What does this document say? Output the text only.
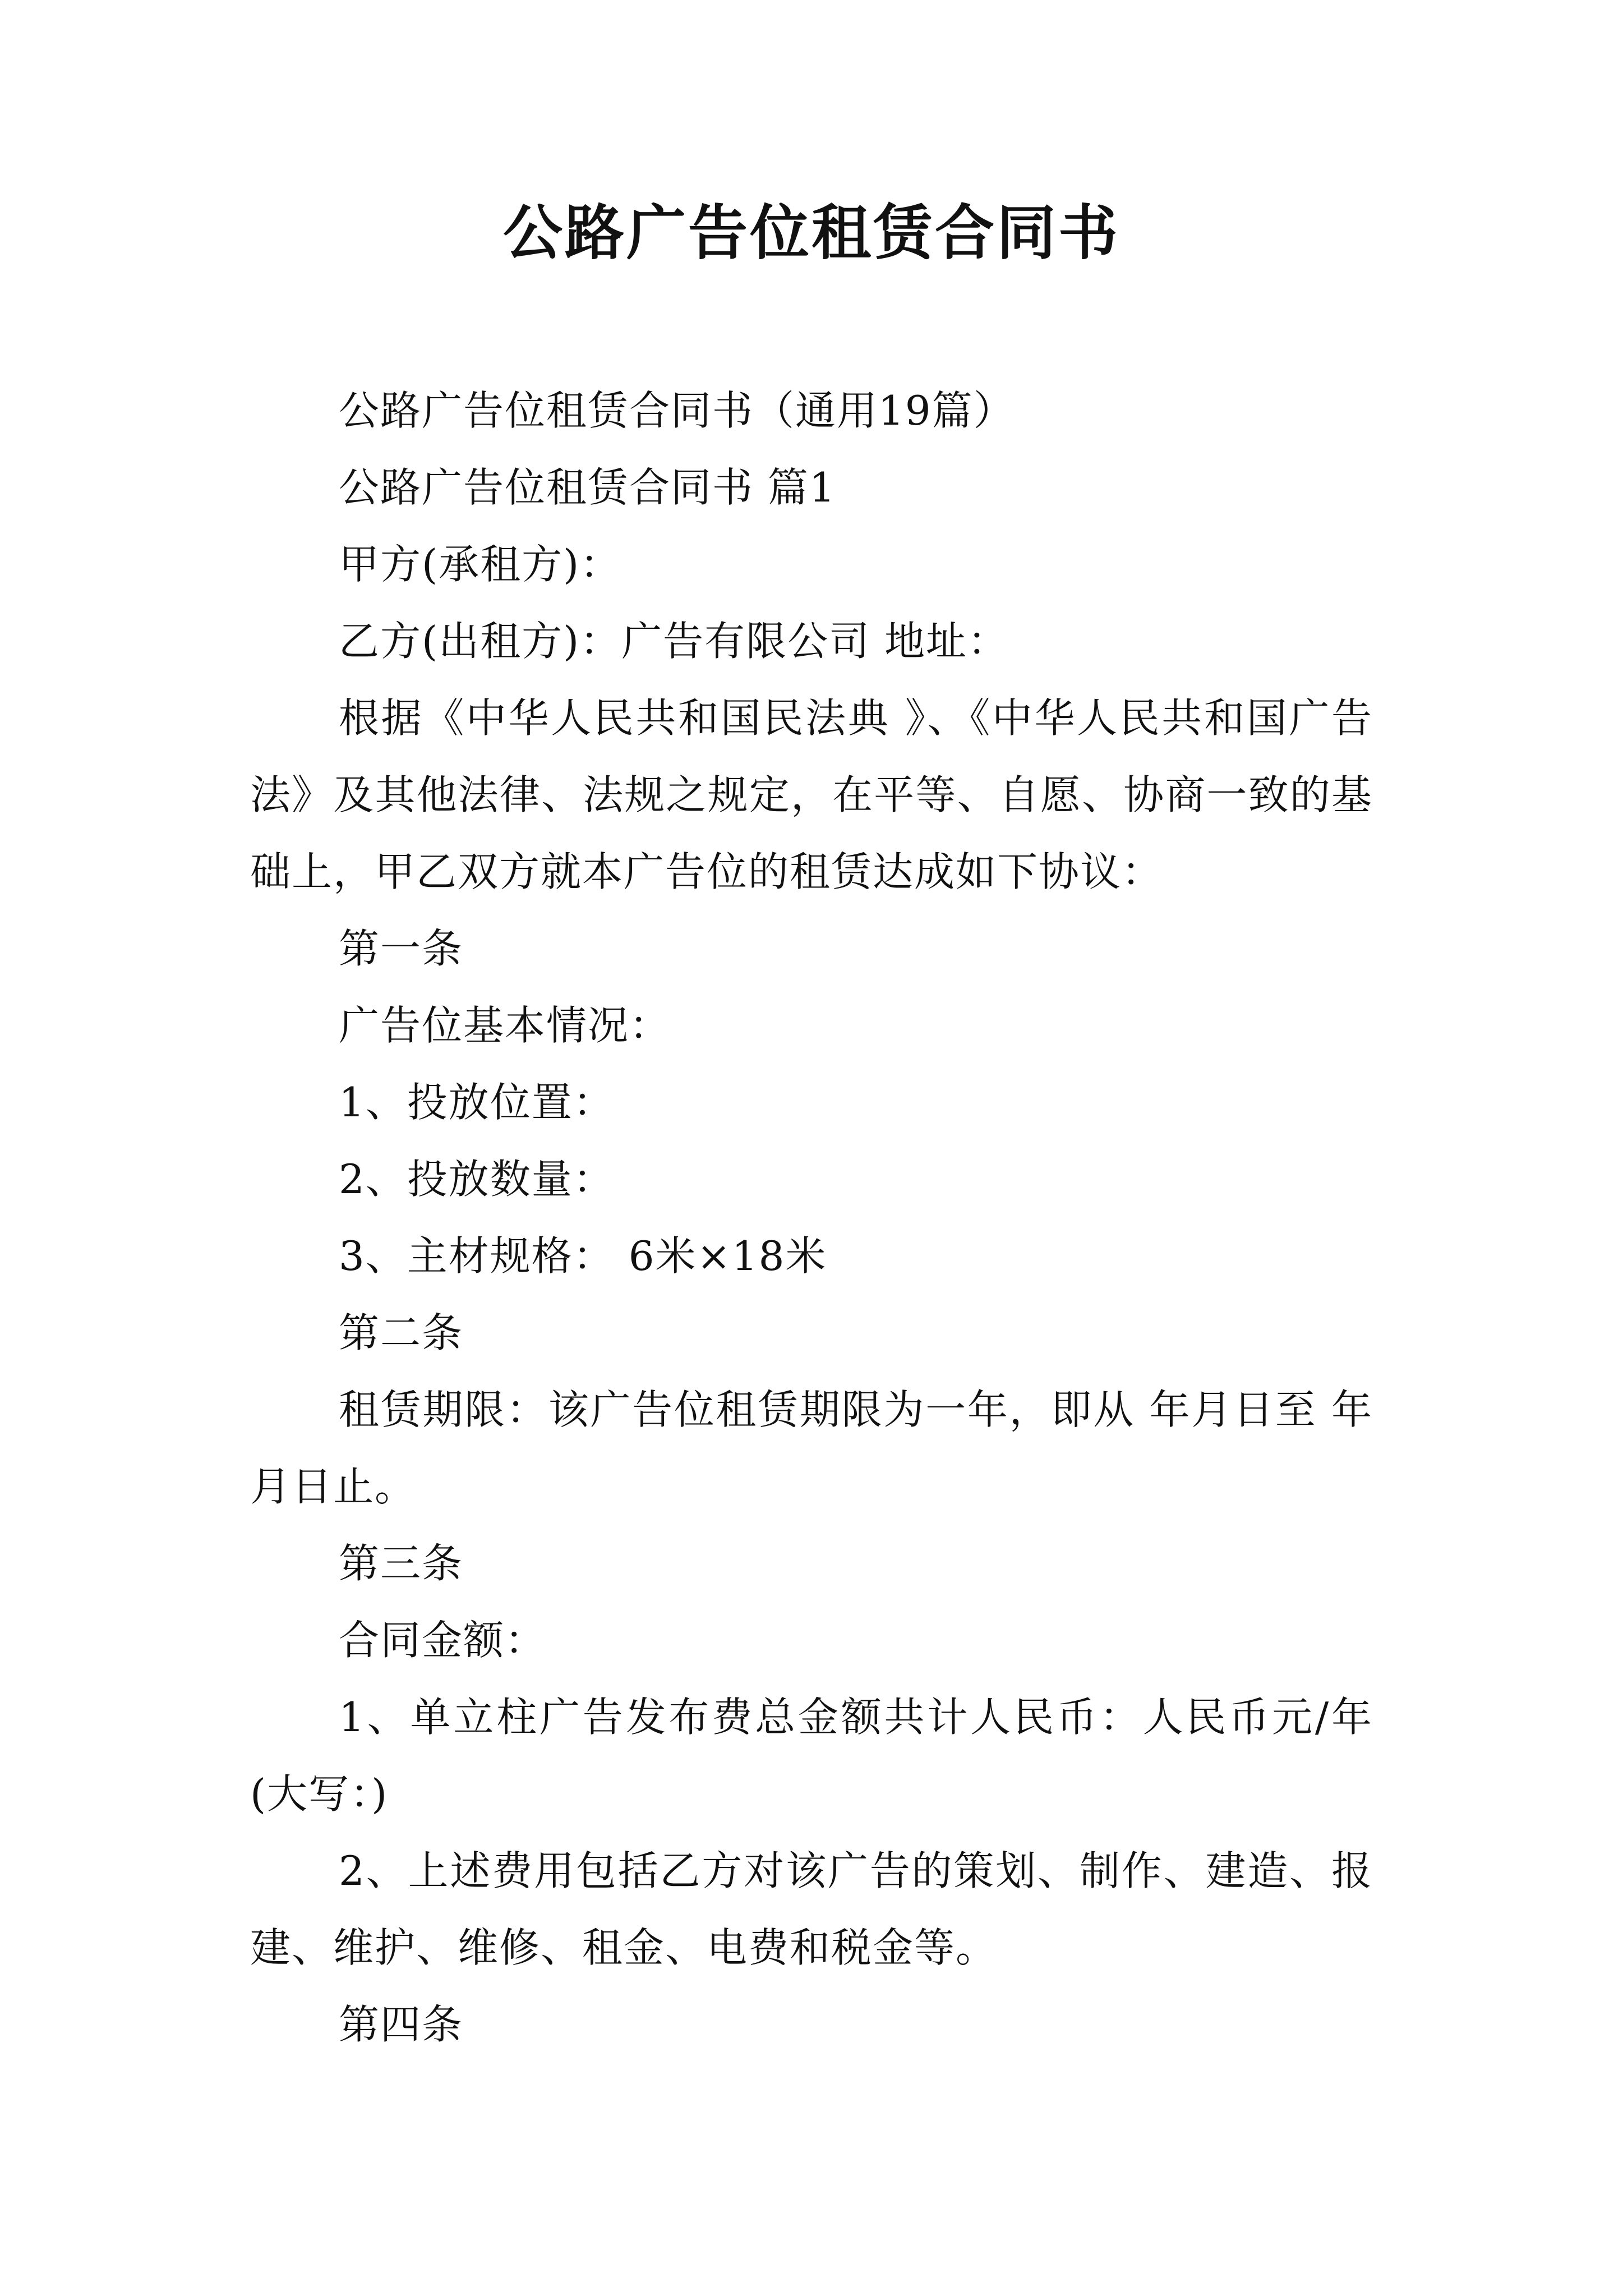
公路广告位租赁合同书

公路广告位租赁合同书（通用19篇）

公路广告位租赁合同书 篇1

甲方(承租方)：

乙方(出租方)：广告有限公司 地址：

根据《中华人民共和国民法典 》、《中华人民共和国广告法》及其他法律、法规之规定，在平等、自愿、协商一致的基础上，甲乙双方就本广告位的租赁达成如下协议：

第一条

广告位基本情况：

1、投放位置：

2、投放数量：

3、主材规格： 6米×18米

第二条

租赁期限：该广告位租赁期限为一年，即从 年月日至 年 月日止。

第三条

合同金额：

1、单立柱广告发布费总金额共计人民币：人民币元/年(大写：)

2、上述费用包括乙方对该广告的策划、制作、建造、报建、维护、维修、租金、电费和税金等。

第四条
